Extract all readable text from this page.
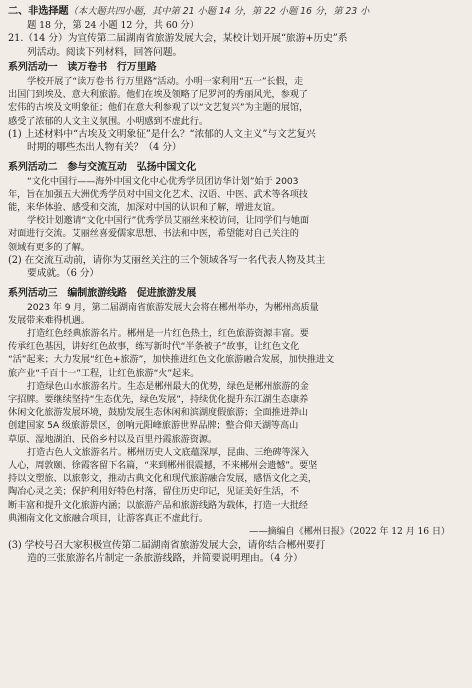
二、非选择题（本大题共四小题，其中第 21 小题 14 分，第 22 小题 16 分，第 23 小
题 18 分，第 24 小题 12 分，共 60 分）
21.（14 分）为宣传第二届湖南省旅游发展大会，某校计划开展“旅游+历史”系
列活动。阅读下列材料，回答问题。
系列活动一　读万卷书　行万里路
学校开展了“读万卷书 行万里路”活动。小明一家利用“五一”长假，走
出国门到埃及、意大利旅游。他们在埃及领略了尼罗河的秀丽风光，参观了
宏伟的古埃及文明象征；他们在意大利参观了以“文艺复兴”为主题的展馆，
感受了浓郁的人文主义氛围。小明感到不虚此行。
(1) 上述材料中“古埃及文明象征”是什么？“浓郁的人文主义”与文艺复兴
时期的哪些杰出人物有关？（4 分）
系列活动二　参与交流互动　弘扬中国文化
“文化中国行——海外中国文化中心优秀学员团访华计划”始于 2003
年，旨在加强五大洲优秀学员对中国文化艺术、汉语、中医、武术等各项技
能，来华体验、感受和交流，加深对中国的认识和了解，增进友谊。
学校计划邀请“文化中国行”优秀学员艾丽丝来校访问，让同学们与她面
对面进行交流。艾丽丝喜爱儒家思想、书法和中医，希望能对自己关注的
领域有更多的了解。
(2) 在交流互动前，请你为艾丽丝关注的三个领域各写一名代表人物及其主
要成就。（6 分）
系列活动三　编制旅游线路　促进旅游发展
2023 年 9 月，第二届湖南省旅游发展大会将在郴州举办，为郴州高质量
发展带来难得机遇。
打造红色经典旅游名片。郴州是一片红色热土，红色旅游资源丰富。要
传承红色基因，讲好红色故事，练写新时代“半条被子”故事，让红色文化
“活”起来；大力发展“红色+旅游”，加快推进红色文化旅游融合发展，加快推进文
旅产业“千百十一”工程，让红色旅游“火”起来。
打造绿色山水旅游名片。生态是郴州最大的优势，绿色是郴州旅游的金
字招牌。要继续坚持“生态优先，绿色发展”，持续优化提升东江湖生态康养
休闲文化旅游发展环境，鼓励发展生态休闲和滨湖度假旅游；全面推进莽山
创建国家 5A 级旅游景区，创响元阳峰旅游世界品牌；整合仰天湖等高山
草原、湿地湖泊、民俗乡村以及百里丹霞旅游资源。
打造古色人文旅游名片。郴州历史人文底蕴深厚，昆曲、三绝碑等深入
人心，周敦颐、徐霞客留下名篇，“来到郴州很震撼，不来郴州会遗憾”。要坚
持以文塑旅、以旅彰文，推动古典文化和现代旅游融合发展，感悟文化之美，
陶冶心灵之美；保护利用好特色村落，留住历史印记，见证美好生活，不
断丰富和提升文化旅游内涵；以旅游产品和旅游线路为载体，打造一大批经
典湘南文化文旅融合项目，让游客真正不虚此行。
——摘编自《郴州日报》（2022 年 12 月 16 日）
(3) 学校号召大家积极宣传第二届湖南省旅游发展大会，请你结合郴州要打
造的三张旅游名片制定一条旅游线路，并简要说明理由。（4 分）
